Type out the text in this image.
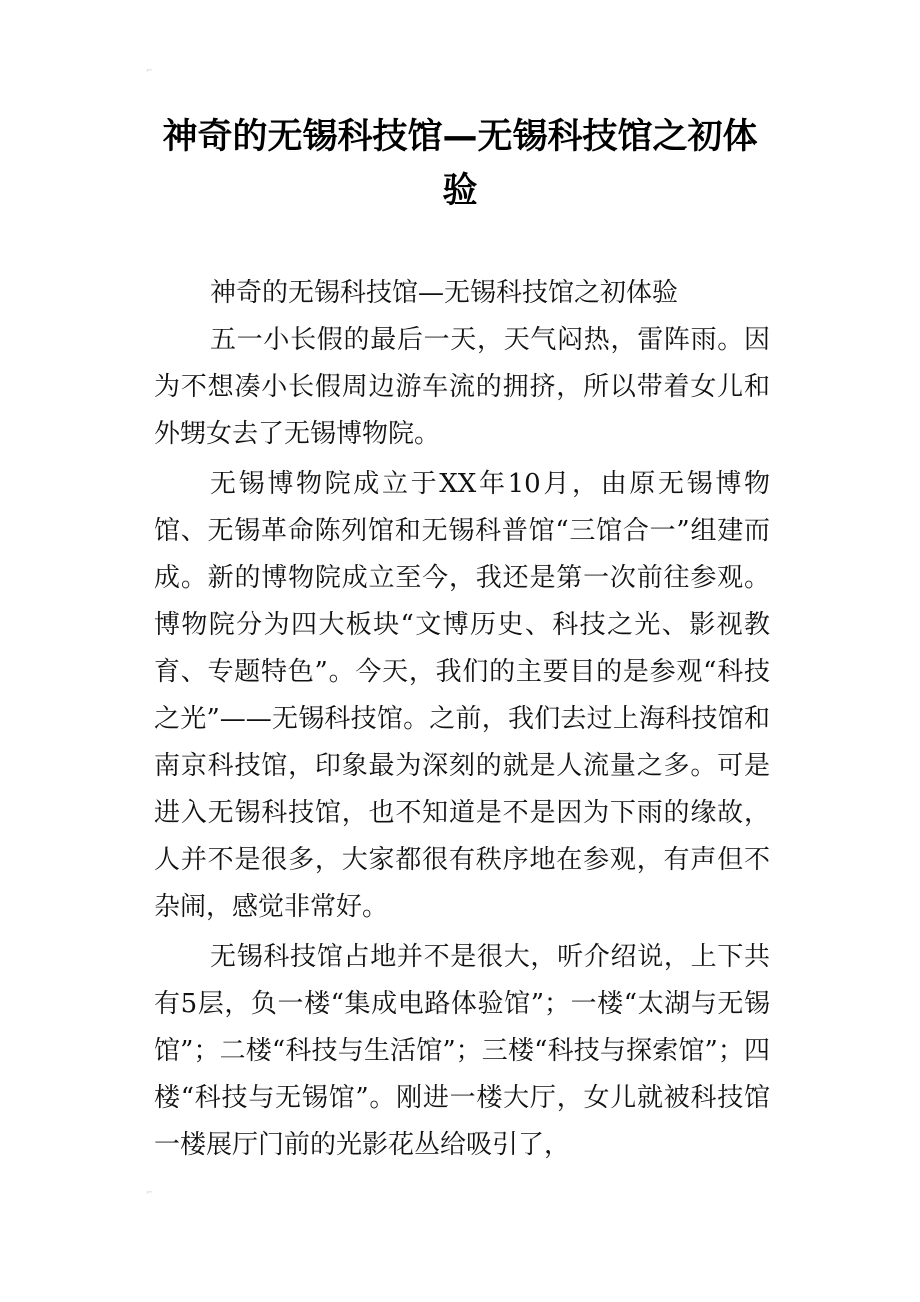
⌐
⌐
神奇的无锡科技馆—无锡科技馆之初体验

神奇的无锡科技馆—无锡科技馆之初体验

五一小长假的最后一天，天气闷热，雷阵雨。因为不想凑小长假周边游车流的拥挤，所以带着女儿和外甥女去了无锡博物院。

无锡博物院成立于XX年10月，由原无锡博物馆、无锡革命陈列馆和无锡科普馆“三馆合一”组建而成。新的博物院成立至今，我还是第一次前往参观。博物院分为四大板块“文博历史、科技之光、影视教育、专题特色”。今天，我们的主要目的是参观“科技之光”——无锡科技馆。之前，我们去过上海科技馆和南京科技馆，印象最为深刻的就是人流量之多。可是进入无锡科技馆，也不知道是不是因为下雨的缘故，人并不是很多，大家都很有秩序地在参观，有声但不杂闹，感觉非常好。

无锡科技馆占地并不是很大，听介绍说，上下共有5层，负一楼“集成电路体验馆”；一楼“太湖与无锡馆”；二楼“科技与生活馆”；三楼“科技与探索馆”；四楼“科技与无锡馆”。刚进一楼大厅，女儿就被科技馆一楼展厅门前的光影花丛给吸引了，
